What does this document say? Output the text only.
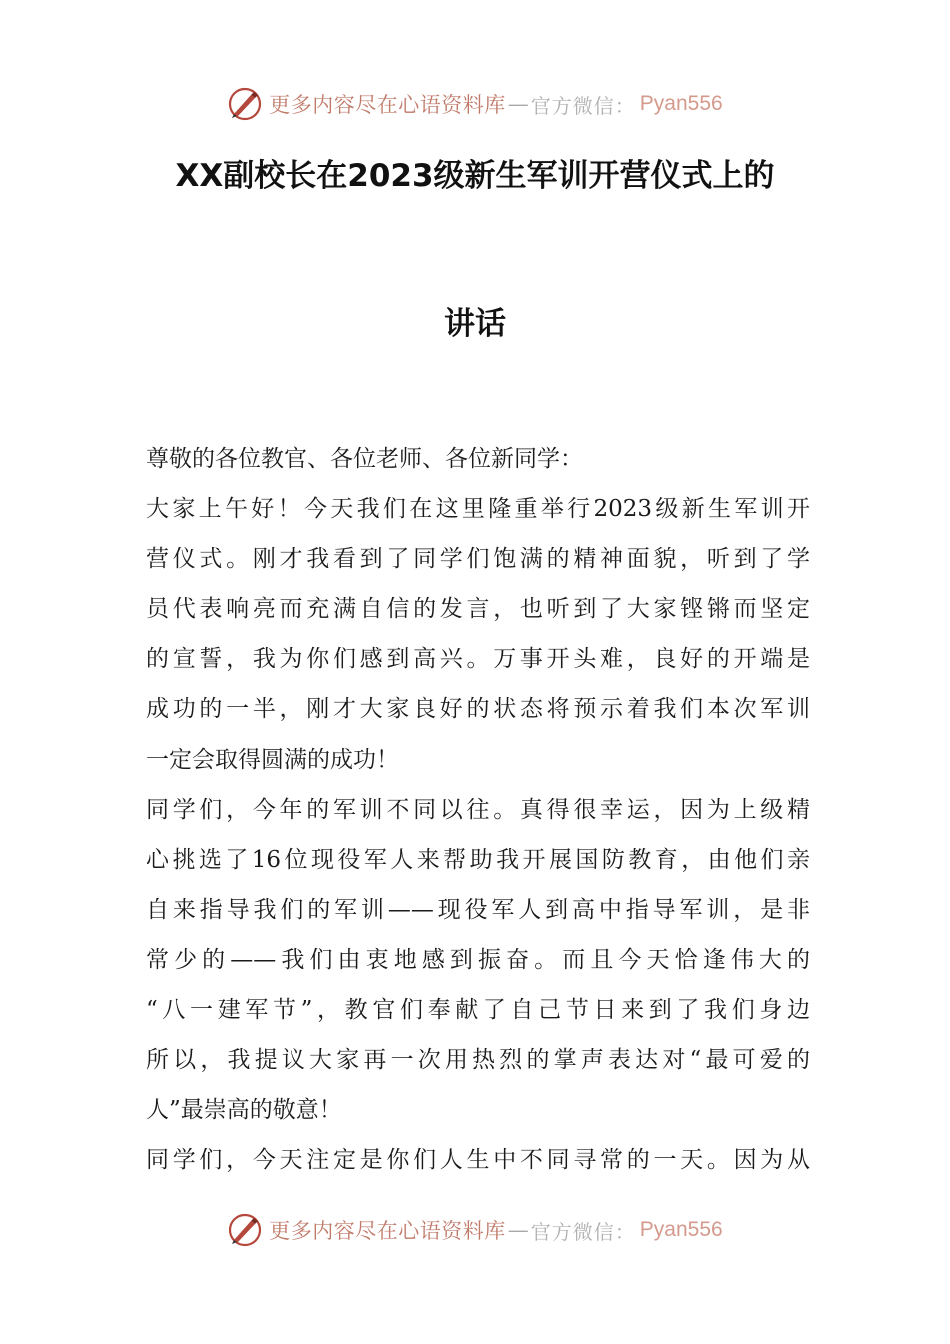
更多内容尽在心语资料库 — 官方微信： Pyan556
XX副校长在2023级新生军训开营仪式上的
讲话
尊敬的各位教官、各位老师、各位新同学：
大家上午好！今天我们在这里隆重举行2023级新生军训开
营仪式。刚才我看到了同学们饱满的精神面貌，听到了学
员代表响亮而充满自信的发言，也听到了大家铿锵而坚定
的宣誓，我为你们感到高兴。万事开头难，良好的开端是
成功的一半，刚才大家良好的状态将预示着我们本次军训
一定会取得圆满的成功！
同学们，今年的军训不同以往。真得很幸运，因为上级精
心挑选了16位现役军人来帮助我开展国防教育，由他们亲
自来指导我们的军训——现役军人到高中指导军训，是非
常少的——我们由衷地感到振奋。而且今天恰逢伟大的
“八一建军节”，教官们奉献了自己节日来到了我们身边
所以，我提议大家再一次用热烈的掌声表达对“最可爱的
人”最崇高的敬意！
同学们，今天注定是你们人生中不同寻常的一天。因为从
更多内容尽在心语资料库 — 官方微信： Pyan556
